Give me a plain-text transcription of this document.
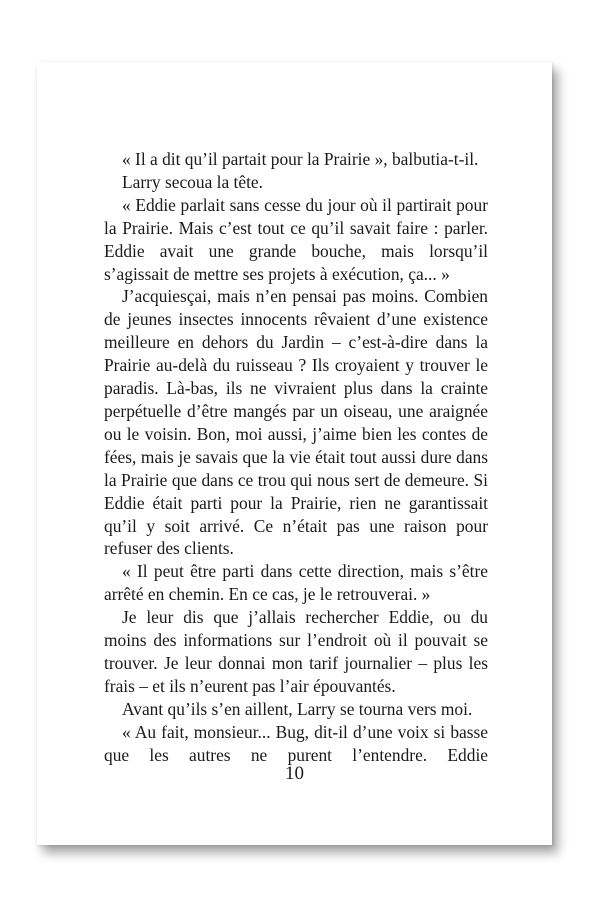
« Il a dit qu’il partait pour la Prairie », balbutia-t-il.

Larry secoua la tête.

« Eddie parlait sans cesse du jour où il partirait pour la Prairie. Mais c’est tout ce qu’il savait faire : parler. Eddie avait une grande bouche, mais lorsqu’il s’agissait de mettre ses projets à exécution, ça... »

J’acquiesçai, mais n’en pensai pas moins. Combien de jeunes insectes innocents rêvaient d’une existence meilleure en dehors du Jardin – c’est-à-dire dans la Prairie au-delà du ruisseau ? Ils croyaient y trouver le paradis. Là-bas, ils ne vivraient plus dans la crainte perpétuelle d’être mangés par un oiseau, une araignée ou le voisin. Bon, moi aussi, j’aime bien les contes de fées, mais je savais que la vie était tout aussi dure dans la Prairie que dans ce trou qui nous sert de demeure. Si Eddie était parti pour la Prairie, rien ne garantissait qu’il y soit arrivé. Ce n’était pas une raison pour refuser des clients.

« Il peut être parti dans cette direction, mais s’être arrêté en chemin. En ce cas, je le retrouverai. »

Je leur dis que j’allais rechercher Eddie, ou du moins des informations sur l’endroit où il pouvait se trouver. Je leur donnai mon tarif journalier – plus les frais – et ils n’eurent pas l’air épouvantés.

Avant qu’ils s’en aillent, Larry se tourna vers moi.

« Au fait, monsieur... Bug, dit-il d’une voix si basse que les autres ne purent l’entendre. Eddie

10
